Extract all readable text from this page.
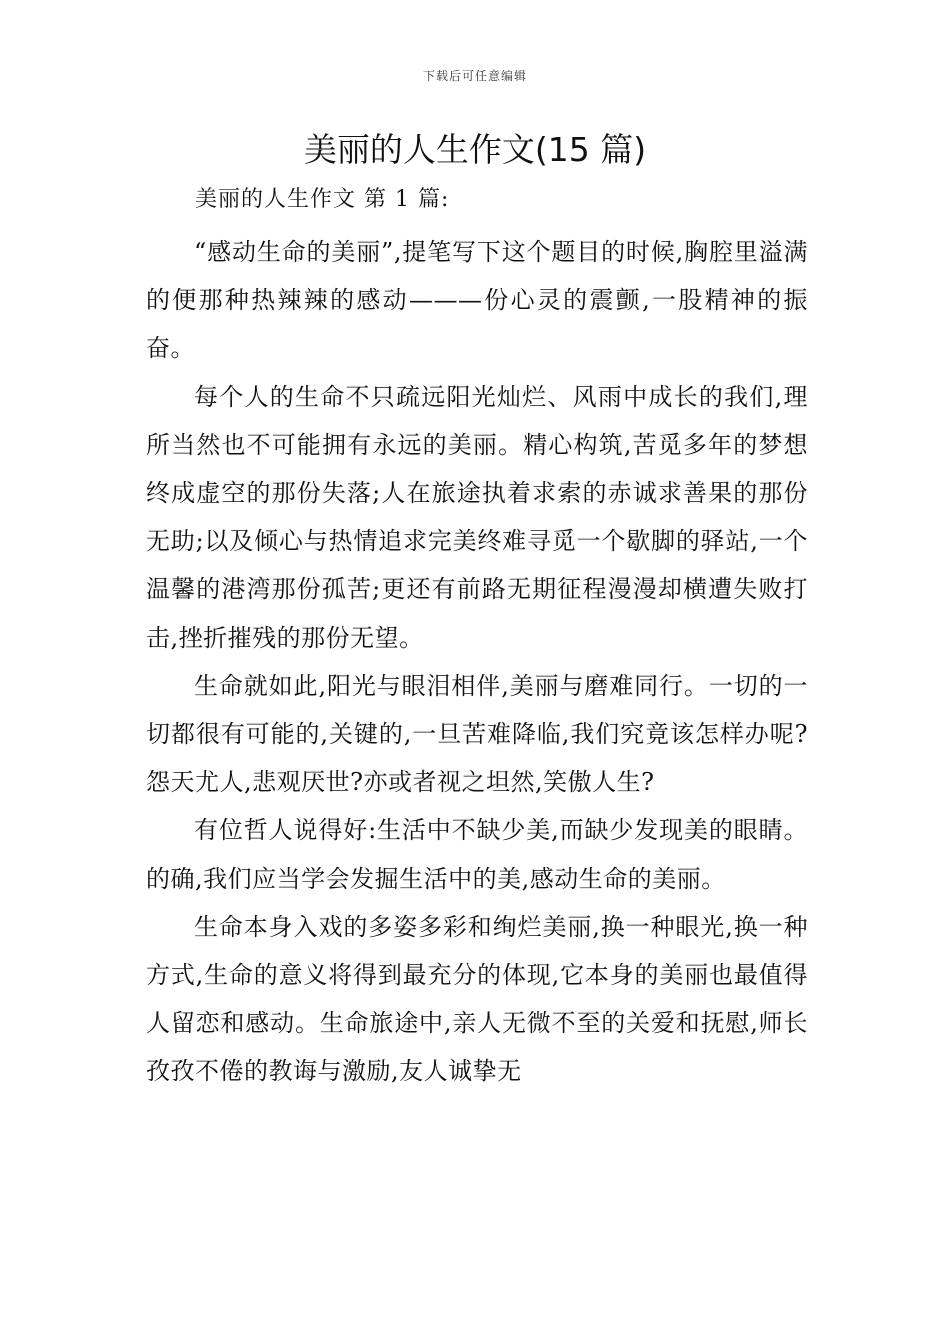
下载后可任意编辑
美丽的人生作文(15 篇)
美丽的人生作文 第 1 篇:

“感动生命的美丽”,提笔写下这个题目的时候,胸腔里溢满的便那种热辣辣的感动———份心灵的震颤,一股精神的振奋。

每个人的生命不只疏远阳光灿烂、风雨中成长的我们,理所当然也不可能拥有永远的美丽。精心构筑,苦觅多年的梦想终成虚空的那份失落;人在旅途执着求索的赤诚求善果的那份无助;以及倾心与热情追求完美终难寻觅一个歇脚的驿站,一个温馨的港湾那份孤苦;更还有前路无期征程漫漫却横遭失败打击,挫折摧残的那份无望。

生命就如此,阳光与眼泪相伴,美丽与磨难同行。一切的一切都很有可能的,关键的,一旦苦难降临,我们究竟该怎样办呢?怨天尤人,悲观厌世?亦或者视之坦然,笑傲人生?

有位哲人说得好:生活中不缺少美,而缺少发现美的眼睛。的确,我们应当学会发掘生活中的美,感动生命的美丽。

生命本身入戏的多姿多彩和绚烂美丽,换一种眼光,换一种方式,生命的意义将得到最充分的体现,它本身的美丽也最值得人留恋和感动。生命旅途中,亲人无微不至的关爱和抚慰,师长孜孜不倦的教诲与激励,友人诚挚无
